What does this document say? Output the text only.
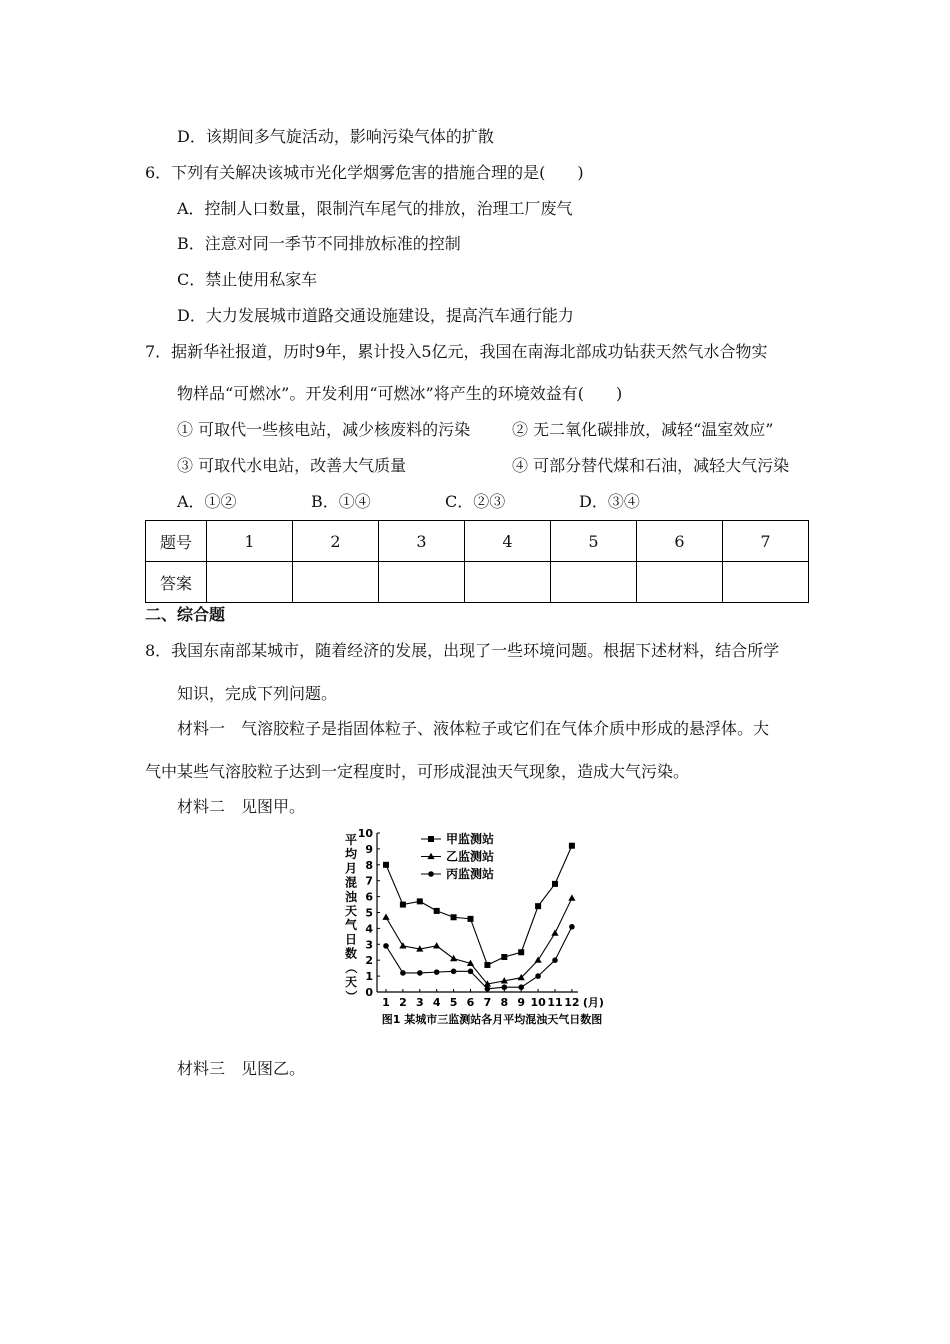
D．该期间多气旋活动，影响污染气体的扩散
6．下列有关解决该城市光化学烟雾危害的措施合理的是(　　)
A．控制人口数量，限制汽车尾气的排放，治理工厂废气
B．注意对同一季节不同排放标准的控制
C．禁止使用私家车
D．大力发展城市道路交通设施建设，提高汽车通行能力
7．据新华社报道，历时9年，累计投入5亿元，我国在南海北部成功钻获天然气水合物实
物样品“可燃冰”。开发利用“可燃冰”将产生的环境效益有(　　)
① 可取代一些核电站，减少核废料的污染	② 无二氧化碳排放，减轻“温室效应”
③ 可取代水电站，改善大气质量	④ 可部分替代煤和石油，减轻大气污染
A．①②	B．①④	C．②③	D．③④
题号	1	2	3	4	5	6	7
答案							
二、综合题
8．我国东南部某城市，随着经济的发展，出现了一些环境问题。根据下述材料，结合所学
知识，完成下列问题。
材料一　气溶胶粒子是指固体粒子、液体粒子或它们在气体介质中形成的悬浮体。大
气中某些气溶胶粒子达到一定程度时，可形成混浊天气现象，造成大气污染。
材料二　见图甲。
平
均
月
混
浊
天
气
日
数
（
天
） 0
1
2
3
4
5
6
7
8
9
10
1 2 3 4 5 6 7 8 9 10 11 12 (月)
甲监测站
乙监测站
丙监测站
图1 某城市三监测站各月平均混浊天气日数图
材料三　见图乙。
